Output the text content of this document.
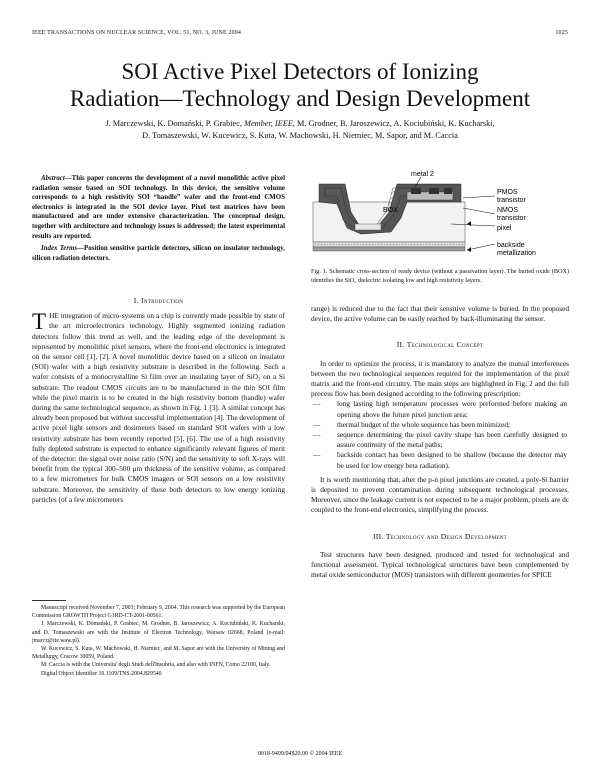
IEEE TRANSACTIONS ON NUCLEAR SCIENCE, VOL. 51, NO. 3, JUNE 2004	1025
SOI Active Pixel Detectors of Ionizing
Radiation—Technology and Design Development
J. Marczewski, K. Domański, P. Grabiec, Member, IEEE, M. Grodner, B. Jaroszewicz, A. Kociubiński, K. Kucharski,
D. Tomaszewski, W. Kucewicz, S. Kuta, W. Machowski, H. Niemiec, M. Sapor, and M. Caccia

Abstract—This paper concerns the development of a novel monolithic active pixel radiation sensor based on SOI technology. In this device, the sensitive volume corresponds to a high resistivity SOI “handle” wafer and the front-end CMOS electronics is integrated in the SOI device layer. Pixel test matrices have been manufactured and are under extensive characterization. The conceptual design, together with architecture and technology issues is addressed; the latest experimental results are reported.

Index Terms—Position sensitive particle detectors, silicon on insulator technology, silicon radiation detectors.

I. Introduction

THE integration of micro-systems on a chip is currently made possible by state of the art microelectronics technology. Highly segmented ionizing radiation detectors follow this trend as well, and the leading edge of the development is represented by monolithic pixel sensors, where the front-end electronics is integrated on the sensor cell [1], [2]. A novel monolithic device based on a silicon on insulator (SOI) wafer with a high resistivity substrate is described in the following. Such a wafer consists of a monocrystalline Si film over an insulating layer of SiO₂ on a Si substrate. The readout CMOS circuits are to be manufactured in the thin SOI film while the pixel matrix is to be created in the high resistivity bottom (handle) wafer during the same technological sequence, as shown in Fig. 1 [3]. A similar concept has already been proposed but without successful implementation [4]. The development of active pixel light sensors and dosimeters based on standard SOI wafers with a low resistivity substrate has been recently reported [5], [6]. The use of a high resistivity fully depleted substrate is expected to enhance significantly relevant figures of merit of the detector: the signal over noise ratio (S/N) and the sensitivity to soft X-rays will benefit from the typical 300–500 μm thickness of the sensitive volume, as compared to a few micrometers for bulk CMOS imagers or SOI sensors on a low resistivity substrate. Moreover, the sensitivity of these both detectors to low energy ionizing particles (of a few micrometers

Manuscript received November 7, 2003; February 9, 2004. This research was supported by the European Commission GROWTH Project G1RD-CT-2001-00561.

J. Marczewski, K. Domański, P. Grabiec, M. Grodner, B. Jaroszewicz, A. Kociubiński, K. Kucharski, and D. Tomaszewski are with the Institute of Electron Technology, Warsaw 02668, Poland (e-mail: jmarcz@ite.waw.pl).

W. Kucewicz, S. Kuta, W. Machowski, H. Niemiec, and M. Sapor are with the University of Mining and Metallurgy, Cracow 30059, Poland.

M. Caccia is with the Universita' degli Studi dell'Insubria, and also with INFN, Como 22100, Italy.

Digital Object Identifier 10.1109/TNS.2004.829540

metal 2
PMOS
transistor
BOX	NMOS
transistor
pixel
backside
metallization
Fig. 1. Schematic cross-section of ready device (without a passivation layer). The buried oxide (BOX) identifies the SiO₂ dielectric isolating low and high resistivity layers.

range) is reduced due to the fact that their sensitive volume is buried. In the proposed device, the active volume can be easily reached by back-illuminating the sensor.

II. Technological Concept

In order to optimize the process, it is mandatory to analyze the mutual interferences between the two technological sequences required for the implementation of the pixel matrix and the front-end circuitry. The main steps are highlighted in Fig. 2 and the full process flow has been designed according to the following prescription:

— long lasting high temperature processes were performed before making an opening above the future pixel junction area;
— thermal budget of the whole sequence has been minimized;
— sequence determining the pixel cavity shape has been carefully designed to assure continuity of the metal paths;
— backside contact has been designed to be shallow (because the detector may be used for low energy beta radiation).

It is worth mentioning that, after the p-n pixel junctions are created, a poly-Si barrier is deposited to prevent contamination during subsequent technological processes. Moreover, since the leakage current is not expected to be a major problem, pixels are dc coupled to the front-end electronics, simplifying the process.

III. Technology and Design Development

Test structures have been designed, produced and tested for technological and functional assessment. Typical technological structures have been complemented by metal oxide semiconductor (MOS) transistors with different geometries for SPICE

0018-9499/04$20.00 © 2004 IEEE
